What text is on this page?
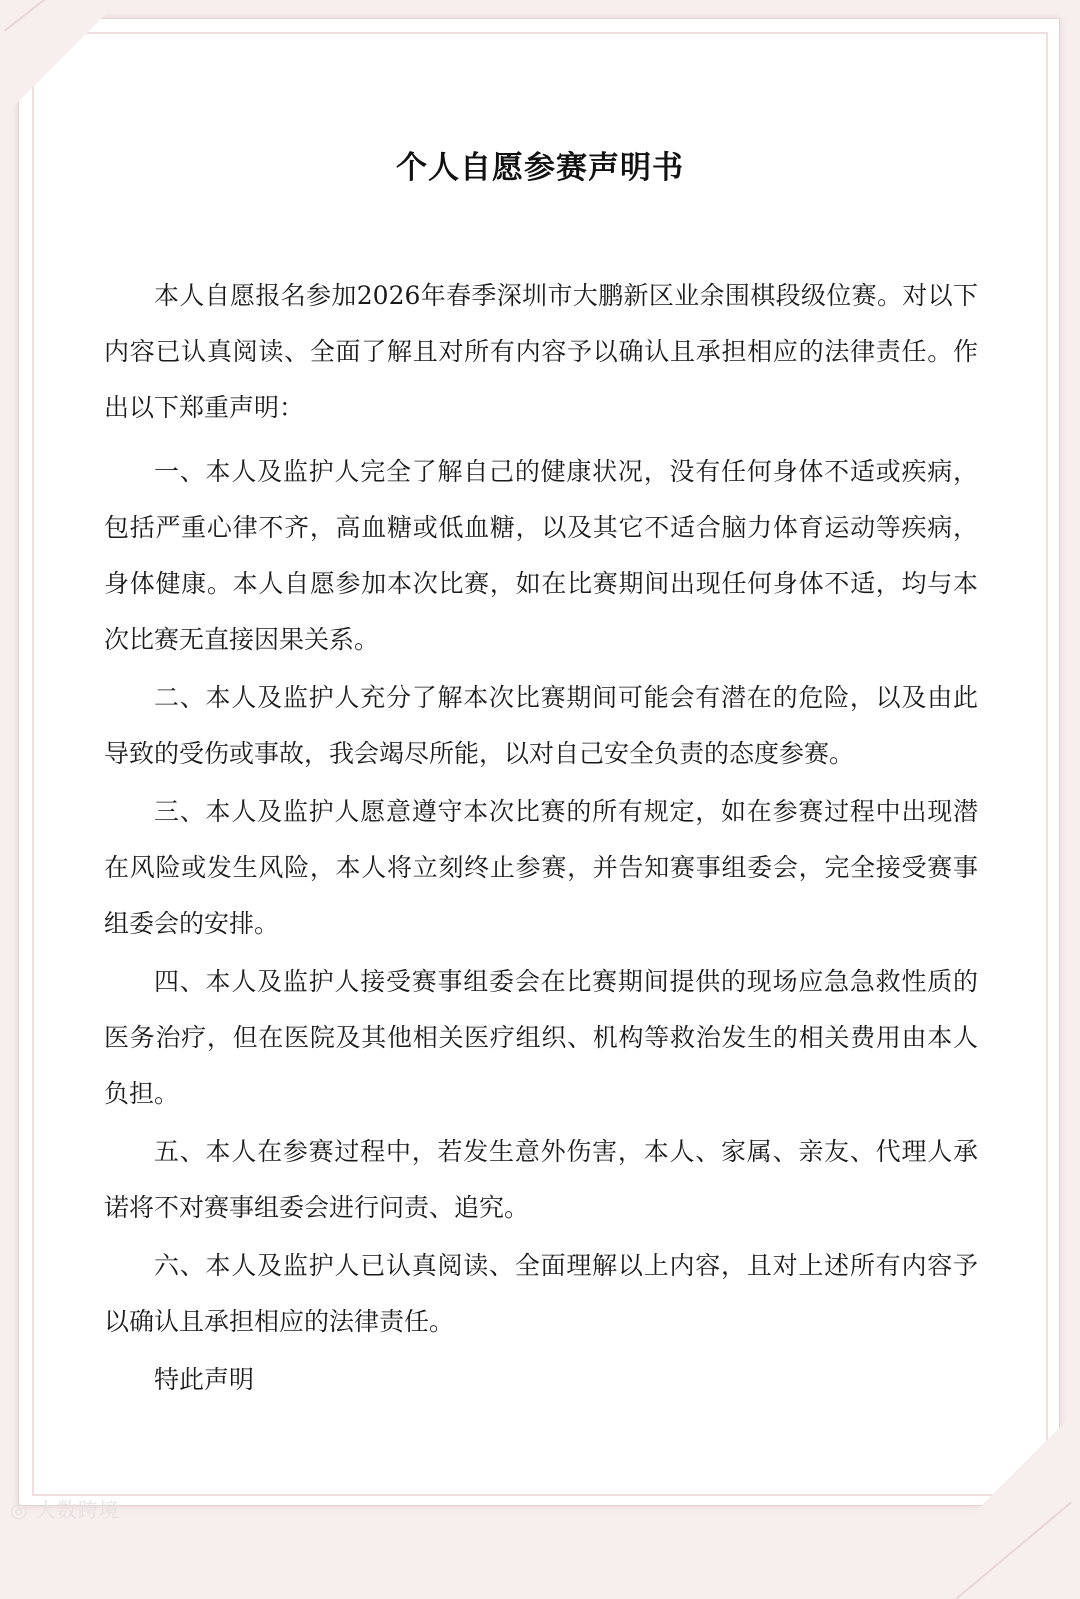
个人自愿参赛声明书

本人自愿报名参加2026年春季深圳市大鹏新区业余围棋段级位赛。对以下内容已认真阅读、全面了解且对所有内容予以确认且承担相应的法律责任。作出以下郑重声明：

一、本人及监护人完全了解自己的健康状况，没有任何身体不适或疾病，包括严重心律不齐，高血糖或低血糖，以及其它不适合脑力体育运动等疾病，身体健康。本人自愿参加本次比赛，如在比赛期间出现任何身体不适，均与本次比赛无直接因果关系。

二、本人及监护人充分了解本次比赛期间可能会有潜在的危险，以及由此导致的受伤或事故，我会竭尽所能，以对自己安全负责的态度参赛。

三、本人及监护人愿意遵守本次比赛的所有规定，如在参赛过程中出现潜在风险或发生风险，本人将立刻终止参赛，并告知赛事组委会，完全接受赛事组委会的安排。

四、本人及监护人接受赛事组委会在比赛期间提供的现场应急急救性质的医务治疗，但在医院及其他相关医疗组织、机构等救治发生的相关费用由本人负担。

五、本人在参赛过程中，若发生意外伤害，本人、家属、亲友、代理人承诺将不对赛事组委会进行问责、追究。

六、本人及监护人已认真阅读、全面理解以上内容，且对上述所有内容予以确认且承担相应的法律责任。

特此声明

◎ 大数跨境
